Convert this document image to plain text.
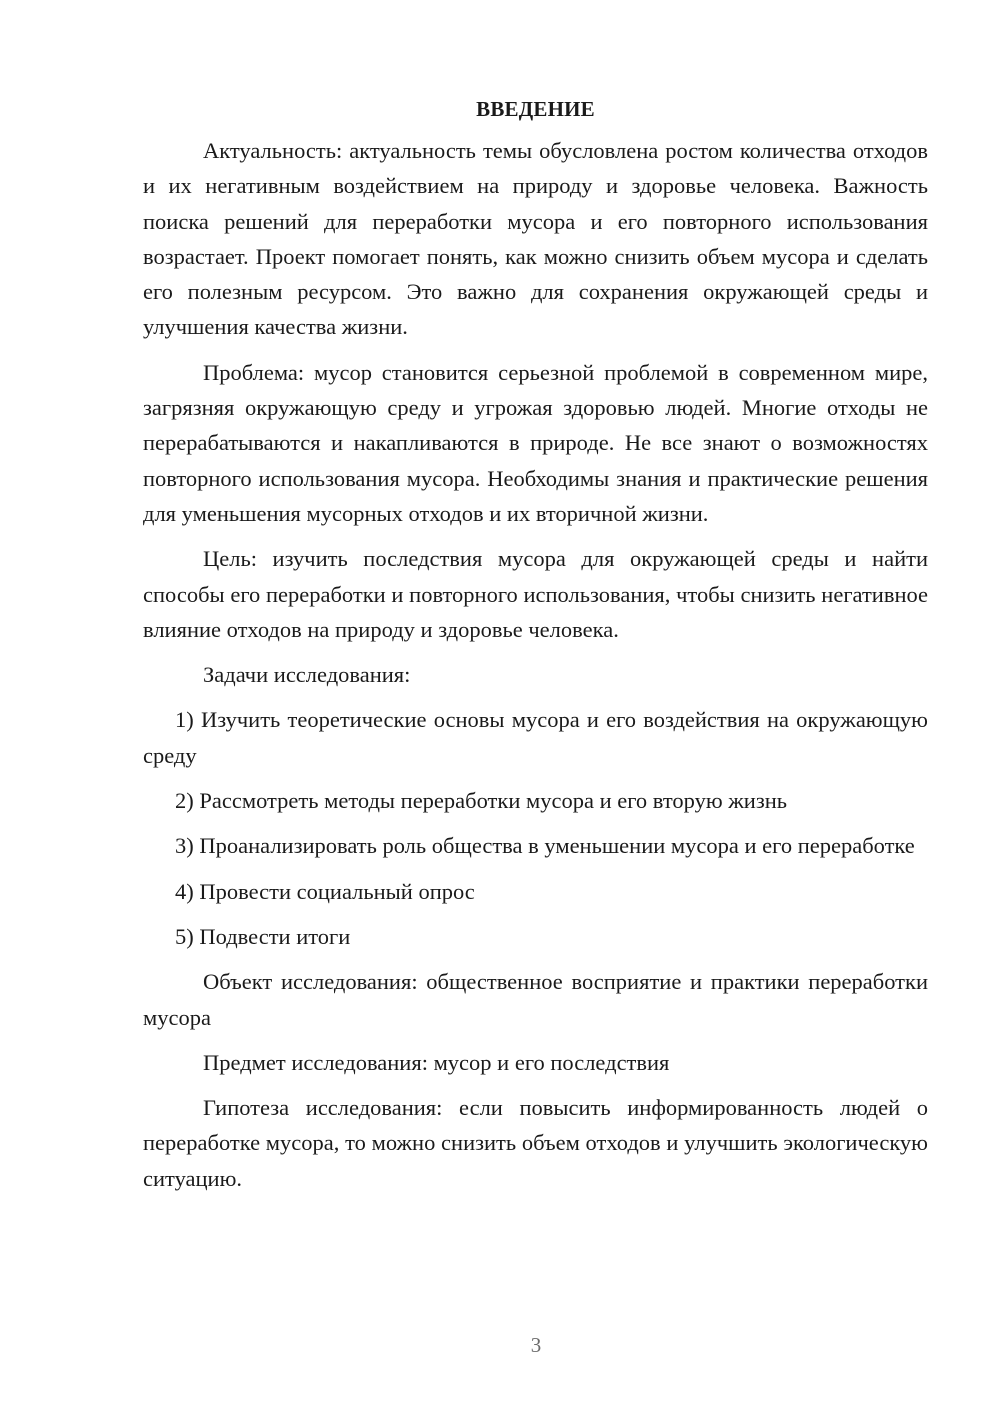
ВВЕДЕНИЕ

Актуальность: актуальность темы обусловлена ростом количества отходов и их негативным воздействием на природу и здоровье человека. Важность поиска решений для переработки мусора и его повторного использования возрастает. Проект помогает понять, как можно снизить объем мусора и сделать его полезным ресурсом. Это важно для сохранения окружающей среды и улучшения качества жизни.

Проблема: мусор становится серьезной проблемой в современном мире, загрязняя окружающую среду и угрожая здоровью людей. Многие отходы не перерабатываются и накапливаются в природе. Не все знают о возможностях повторного использования мусора. Необходимы знания и практические решения для уменьшения мусорных отходов и их вторичной жизни.

Цель: изучить последствия мусора для окружающей среды и найти способы его переработки и повторного использования, чтобы снизить негативное влияние отходов на природу и здоровье человека.

Задачи исследования:

1) Изучить теоретические основы мусора и его воздействия на окружающую среду

2) Рассмотреть методы переработки мусора и его вторую жизнь

3) Проанализировать роль общества в уменьшении мусора и его переработке

4) Провести социальный опрос

5) Подвести итоги

Объект исследования: общественное восприятие и практики переработки мусора

Предмет исследования: мусор и его последствия

Гипотеза исследования: если повысить информированность людей о переработке мусора, то можно снизить объем отходов и улучшить экологическую ситуацию.

3
